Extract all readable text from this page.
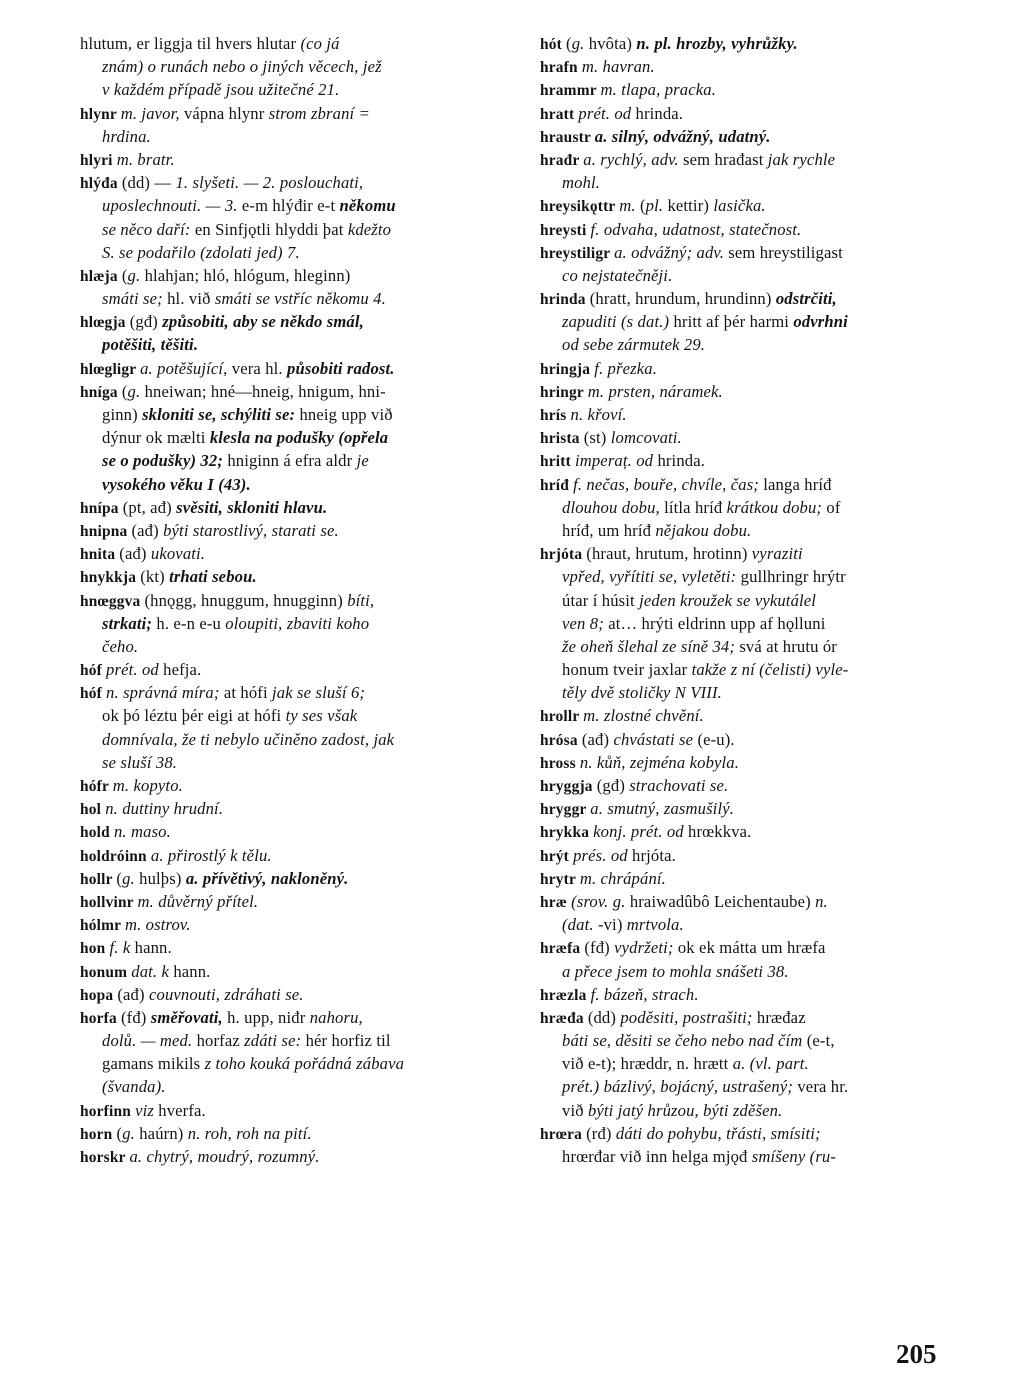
hlutum, er liggja til hvers hlutar (co já
znám) o runách nebo o jiných věcech, jež
v každém případě jsou užitečné 21.
hlynr m. javor, vápna hlynr strom zbraní =
hrdina.
hlyri m. bratr.
hlýđa (dd) — 1. slyšeti. — 2. poslouchati,
uposlechnouti. — 3. e-m hlýđir e-t někomu
se něco daří: en Sinfjǫtli hlyddi þat kdežto
S. se podařilo (zdolati jed) 7.
hlæja (g. hlahjan; hló, hlógum, hleginn)
smáti se; hl. við smáti se vstříc někomu 4.
hlœgja (gđ) způsobiti, aby se někdo smál,
potěšiti, těšiti.
hlœgligr a. potěšující, vera hl. působiti radost.
hníga (g. hneiwan; hné—hneig, hnigum, hni-
ginn) skloniti se, schýliti se: hneig upp við
dýnur ok mælti klesla na podušky (opřela
se o podušky) 32; hniginn á efra aldr je
vysokého věku I (43).
hnípa (pt, ađ) svěsiti, skloniti hlavu.
hnipna (ađ) býti starostlivý, starati se.
hnita (ađ) ukovati.
hnykkja (kt) trhati sebou.
hnœggva (hnǫgg, hnuggum, hnugginn) bíti,
strkati; h. e-n e-u oloupiti, zbaviti koho
čeho.
hóf prét. od hefja.
hóf n. správná míra; at hófi jak se sluší 6;
ok þó léztu þér eigi at hófi ty ses však
domnívala, že ti nebylo učiněno zadost, jak
se sluší 38.
hófr m. kopyto.
hol n. duttiny hrudní.
hold n. maso.
holdróinn a. přirostlý k tělu.
hollr (g. hulþs) a. přívětivý, nakloněný.
hollvinr m. důvěrný přítel.
hólmr m. ostrov.
hon f. k hann.
honum dat. k hann.
hopa (ađ) couvnouti, zdráhati se.
horfa (fđ) směřovati, h. upp, niđr nahoru,
dolů. — med. horfaz zdáti se: hér horfiz til
gamans mikils z toho kouká pořádná zábava
(švanda).
horfinn viz hverfa.
horn (g. haúrn) n. roh, roh na pití.
horskr a. chytrý, moudrý, rozumný.
hót (g. hvôta) n. pl. hrozby, vyhrůžky.
hrafn m. havran.
hrammr m. tlapa, pracka.
hratt prét. od hrinda.
hraustr a. silný, odvážný, udatný.
hrađr a. rychlý, adv. sem hrađast jak rychle
mohl.
hreysikǫttr m. (pl. kettir) lasička.
hreysti f. odvaha, udatnost, statečnost.
hreystiligr a. odvážný; adv. sem hreystiligast
co nejstatečněji.
hrinda (hratt, hrundum, hrundinn) odstrčiti,
zapuditi (s dat.) hritt af þér harmi odvrhni
od sebe zármutek 29.
hringja f. přezka.
hringr m. prsten, náramek.
hrís n. křoví.
hrista (st) lomcovati.
hritt imperaț. od hrinda.
hríđ f. nečas, bouře, chvíle, čas; langa hríđ
dlouhou dobu, lítla hríđ krátkou dobu; of
hríđ, um hríđ nějakou dobu.
hrjóta (hraut, hrutum, hrotinn) vyraziti
vpřed, vyřítiti se, vyletěti: gullhringr hrýtr
útar í húsit jeden kroužek se vykutálel
ven 8; at… hrýti eldrinn upp af hǫlluni
že oheň šlehal ze síně 34; svá at hrutu ór
honum tveir jaxlar takže z ní (čelisti) vyle-
těly dvě stoličky N VIII.
hrollr m. zlostné chvění.
hrósa (ađ) chvástati se (e-u).
hross n. kůň, zejména kobyla.
hryggja (gđ) strachovati se.
hryggr a. smutný, zasmušilý.
hrykka konj. prét. od hrœkkva.
hrýt prés. od hrjóta.
hrytr m. chrápání.
hræ (srov. g. hraiwadûbô Leichentaube) n.
(dat. -vi) mrtvola.
hræfa (fđ) vydržeti; ok ek mátta um hræfa
a přece jsem to mohla snášeti 38.
hræzla f. bázeň, strach.
hræđa (dd) poděsiti, postrašiti; hræđaz
báti se, děsiti se čeho nebo nad čím (e-t,
við e-t); hræddr, n. hrætt a. (vl. part.
prét.) bázlivý, bojácný, ustrašený; vera hr.
við býti jatý hrůzou, býti zděšen.
hrœra (rđ) dáti do pohybu, třásti, smísiti;
hrœrđar við inn helga mjǫđ smíšeny (ru-
205
